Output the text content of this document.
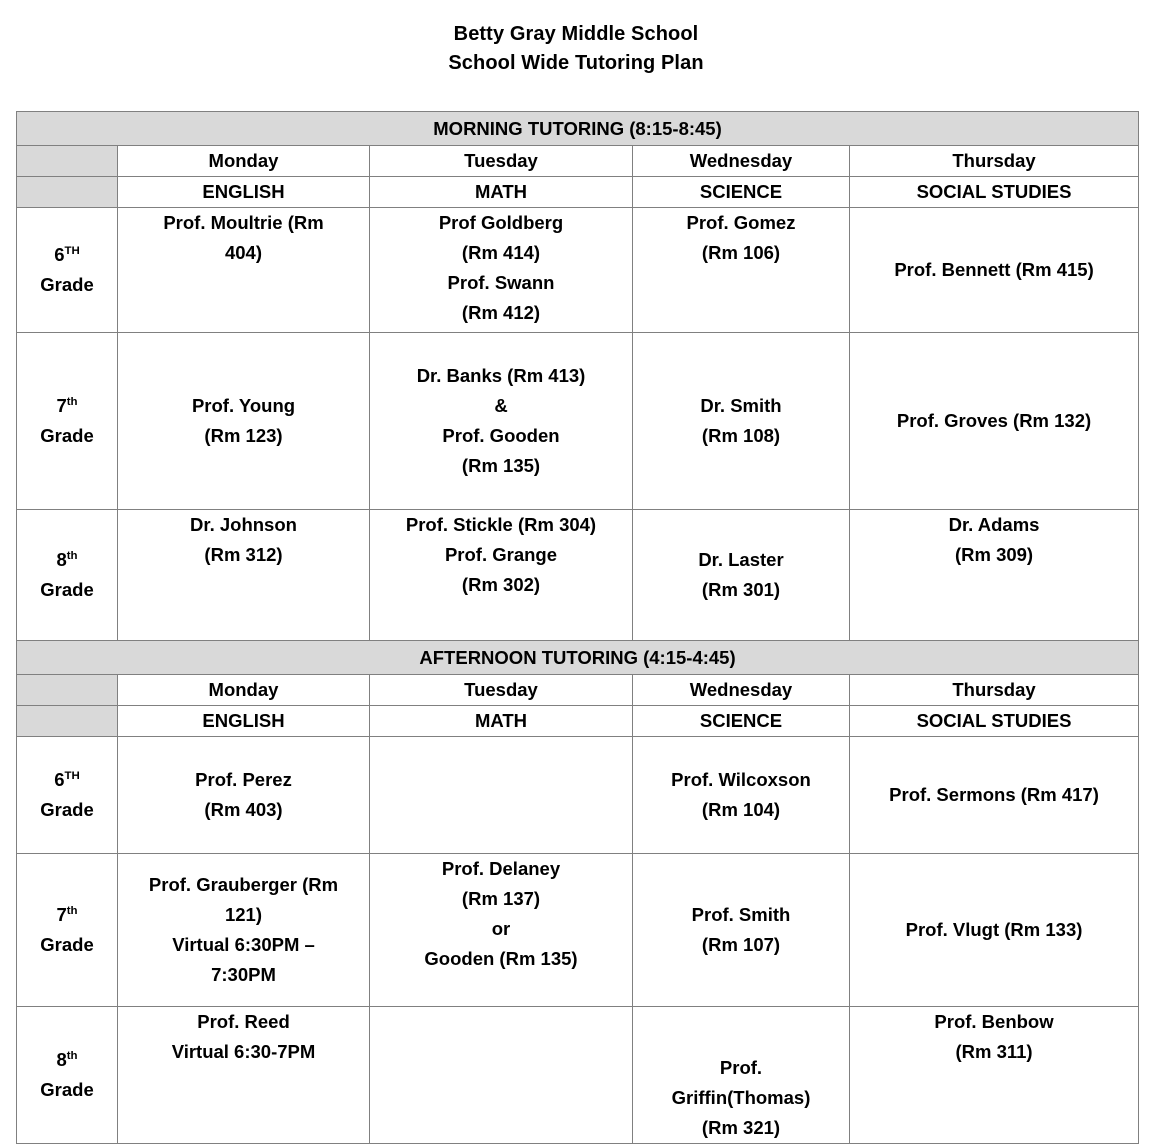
Betty Gray Middle School
School Wide Tutoring Plan
MORNING TUTORING (8:15-8:45)				
	Monday	Tuesday	Wednesday	Thursday
	ENGLISH	MATH	SCIENCE	SOCIAL STUDIES
6TH
Grade	Prof. Moultrie (Rm
404)	Prof Goldberg
(Rm 414)
Prof. Swann
(Rm 412)	Prof. Gomez
(Rm 106)	Prof. Bennett (Rm 415)

7th
Grade	Prof. Young
(Rm 123)	Dr. Banks (Rm 413)
&
Prof. Gooden
(Rm 135)	Dr. Smith
(Rm 108)	Prof. Groves (Rm 132)

8th
Grade	Dr. Johnson
(Rm 312)	Prof. Stickle (Rm 304)
Prof. Grange
(Rm 302)	Dr. Laster
(Rm 301)	Dr. Adams
(Rm 309)

AFTERNOON TUTORING (4:15-4:45)				
	Monday	Tuesday	Wednesday	Thursday
	ENGLISH	MATH	SCIENCE	SOCIAL STUDIES
6TH
Grade	Prof. Perez
(Rm 403)		Prof. Wilcoxson
(Rm 104)	Prof. Sermons (Rm 417)

7th
Grade	Prof. Grauberger (Rm
121)
Virtual 6:30PM –
7:30PM	Prof. Delaney
(Rm 137)
or
Gooden (Rm 135)	Prof. Smith
(Rm 107)	Prof. Vlugt (Rm 133)

8th
Grade	Prof. Reed
Virtual 6:30-7PM		Prof.
Griffin(Thomas)
(Rm 321)	Prof. Benbow
(Rm 311)
